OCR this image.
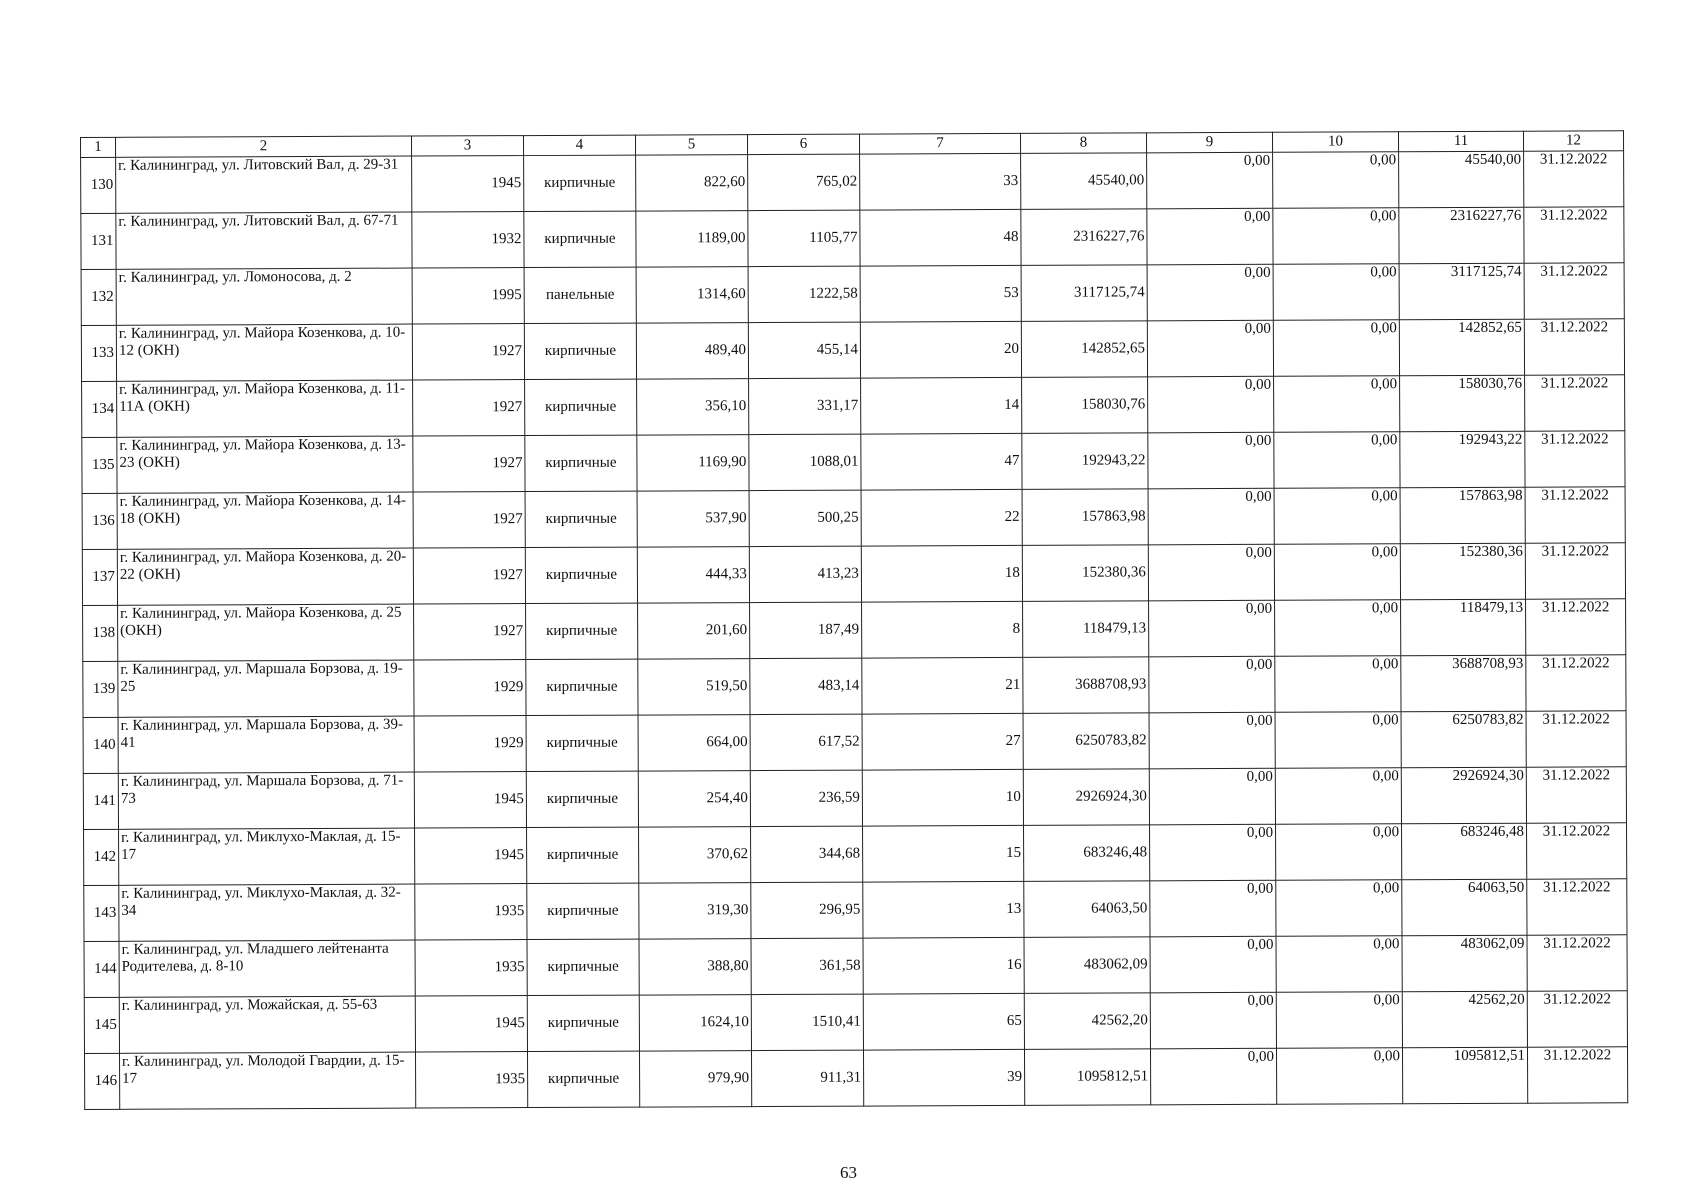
1	2	3	4	5	6	7	8	9	10	11	12
130	г. Калининград, ул. Литовский Вал, д. 29-31	1945	кирпичные	822,60	765,02	33	45540,00	0,00	0,00	45540,00	31.12.2022
131	г. Калининград, ул. Литовский Вал, д. 67-71	1932	кирпичные	1189,00	1105,77	48	2316227,76	0,00	0,00	2316227,76	31.12.2022
132	г. Калининград, ул. Ломоносова, д. 2	1995	панельные	1314,60	1222,58	53	3117125,74	0,00	0,00	3117125,74	31.12.2022
133	г. Калининград, ул. Майора Козенкова, д. 10-12 (ОКН)	1927	кирпичные	489,40	455,14	20	142852,65	0,00	0,00	142852,65	31.12.2022
134	г. Калининград, ул. Майора Козенкова, д. 11-11А (ОКН)	1927	кирпичные	356,10	331,17	14	158030,76	0,00	0,00	158030,76	31.12.2022
135	г. Калининград, ул. Майора Козенкова, д. 13-23 (ОКН)	1927	кирпичные	1169,90	1088,01	47	192943,22	0,00	0,00	192943,22	31.12.2022
136	г. Калининград, ул. Майора Козенкова, д. 14-18 (ОКН)	1927	кирпичные	537,90	500,25	22	157863,98	0,00	0,00	157863,98	31.12.2022
137	г. Калининград, ул. Майора Козенкова, д. 20-22 (ОКН)	1927	кирпичные	444,33	413,23	18	152380,36	0,00	0,00	152380,36	31.12.2022
138	г. Калининград, ул. Майора Козенкова, д. 25 (ОКН)	1927	кирпичные	201,60	187,49	8	118479,13	0,00	0,00	118479,13	31.12.2022
139	г. Калининград, ул. Маршала Борзова, д. 19-25	1929	кирпичные	519,50	483,14	21	3688708,93	0,00	0,00	3688708,93	31.12.2022
140	г. Калининград, ул. Маршала Борзова, д. 39-41	1929	кирпичные	664,00	617,52	27	6250783,82	0,00	0,00	6250783,82	31.12.2022
141	г. Калининград, ул. Маршала Борзова, д. 71-73	1945	кирпичные	254,40	236,59	10	2926924,30	0,00	0,00	2926924,30	31.12.2022
142	г. Калининград, ул. Миклухо-Маклая, д. 15-17	1945	кирпичные	370,62	344,68	15	683246,48	0,00	0,00	683246,48	31.12.2022
143	г. Калининград, ул. Миклухо-Маклая, д. 32-34	1935	кирпичные	319,30	296,95	13	64063,50	0,00	0,00	64063,50	31.12.2022
144	г. Калининград, ул. Младшего лейтенанта Родителева, д. 8-10	1935	кирпичные	388,80	361,58	16	483062,09	0,00	0,00	483062,09	31.12.2022
145	г. Калининград, ул. Можайская, д. 55-63	1945	кирпичные	1624,10	1510,41	65	42562,20	0,00	0,00	42562,20	31.12.2022
146	г. Калининград, ул. Молодой Гвардии, д. 15-17	1935	кирпичные	979,90	911,31	39	1095812,51	0,00	0,00	1095812,51	31.12.2022
63
